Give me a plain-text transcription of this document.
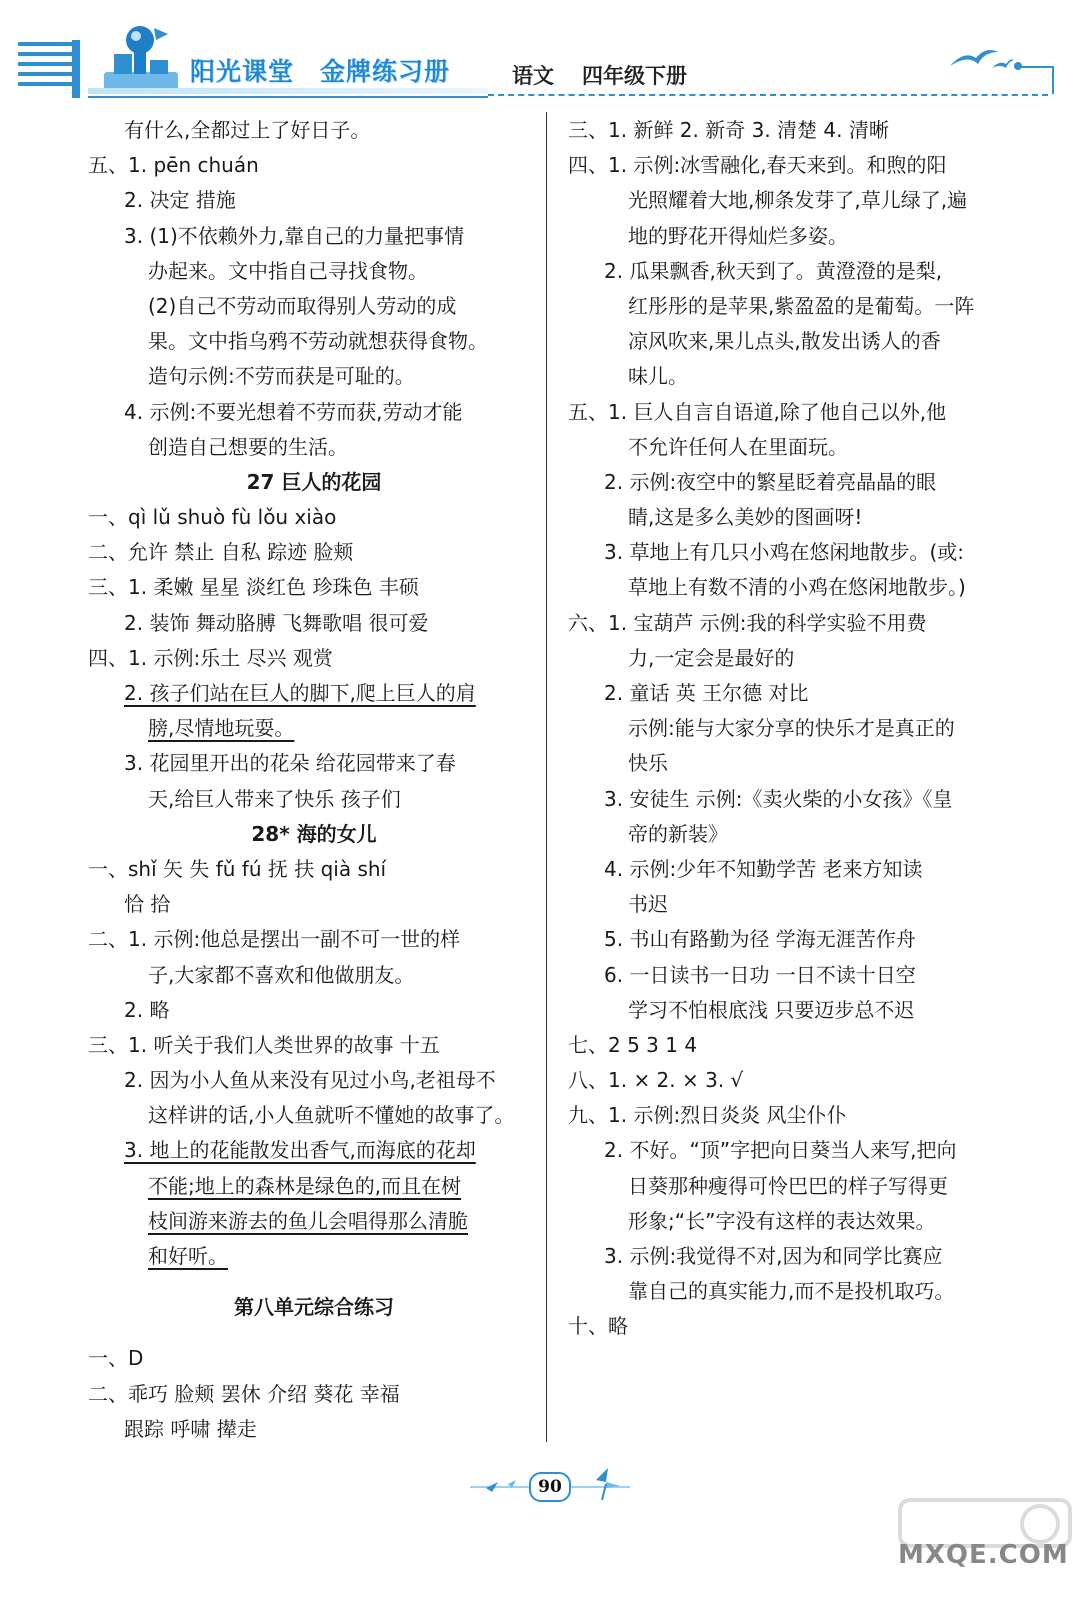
阳光课堂 金牌练习册	语文 四年级下册
有什么,全都过上了好日子。
五、1. pēn chuán
2. 决定 措施
3. (1)不依赖外力,靠自己的力量把事情
办起来。文中指自己寻找食物。
(2)自己不劳动而取得别人劳动的成
果。文中指乌鸦不劳动就想获得食物。
造句示例:不劳而获是可耻的。
4. 示例:不要光想着不劳而获,劳动才能
创造自己想要的生活。
27 巨人的花园
一、qì lǔ shuò fù lǒu xiào
二、允许 禁止 自私 踪迹 脸颊
三、1. 柔嫩 星星 淡红色 珍珠色 丰硕
2. 装饰 舞动胳膊 飞舞歌唱 很可爱
四、1. 示例:乐土 尽兴 观赏
2. 孩子们站在巨人的脚下,爬上巨人的肩
膀,尽情地玩耍。
3. 花园里开出的花朵 给花园带来了春
天,给巨人带来了快乐 孩子们
28* 海的女儿
一、shǐ 矢 失 fǔ fú 抚 扶 qià shí
恰 拾
二、1. 示例:他总是摆出一副不可一世的样
子,大家都不喜欢和他做朋友。
2. 略
三、1. 听关于我们人类世界的故事 十五
2. 因为小人鱼从来没有见过小鸟,老祖母不
这样讲的话,小人鱼就听不懂她的故事了。
3. 地上的花能散发出香气,而海底的花却
不能;地上的森林是绿色的,而且在树
枝间游来游去的鱼儿会唱得那么清脆
和好听。
第八单元综合练习
一、D
二、乖巧 脸颊 罢休 介绍 葵花 幸福
跟踪 呼啸 撵走
三、1. 新鲜 2. 新奇 3. 清楚 4. 清晰
四、1. 示例:冰雪融化,春天来到。和煦的阳
光照耀着大地,柳条发芽了,草儿绿了,遍
地的野花开得灿烂多姿。
2. 瓜果飘香,秋天到了。黄澄澄的是梨,
红彤彤的是苹果,紫盈盈的是葡萄。一阵
凉风吹来,果儿点头,散发出诱人的香
味儿。
五、1. 巨人自言自语道,除了他自己以外,他
不允许任何人在里面玩。
2. 示例:夜空中的繁星眨着亮晶晶的眼
睛,这是多么美妙的图画呀!
3. 草地上有几只小鸡在悠闲地散步。(或:
草地上有数不清的小鸡在悠闲地散步。)
六、1. 宝葫芦 示例:我的科学实验不用费
力,一定会是最好的
2. 童话 英 王尔德 对比
示例:能与大家分享的快乐才是真正的
快乐
3. 安徒生 示例:《卖火柴的小女孩》《皇
帝的新装》
4. 示例:少年不知勤学苦 老来方知读
书迟
5. 书山有路勤为径 学海无涯苦作舟
6. 一日读书一日功 一日不读十日空
学习不怕根底浅 只要迈步总不迟
七、2 5 3 1 4
八、1. × 2. × 3. √
九、1. 示例:烈日炎炎 风尘仆仆
2. 不好。“顶”字把向日葵当人来写,把向
日葵那种瘦得可怜巴巴的样子写得更
形象;“长”字没有这样的表达效果。
3. 示例:我觉得不对,因为和同学比赛应
靠自己的真实能力,而不是投机取巧。
十、略
90
MXQE.COM
